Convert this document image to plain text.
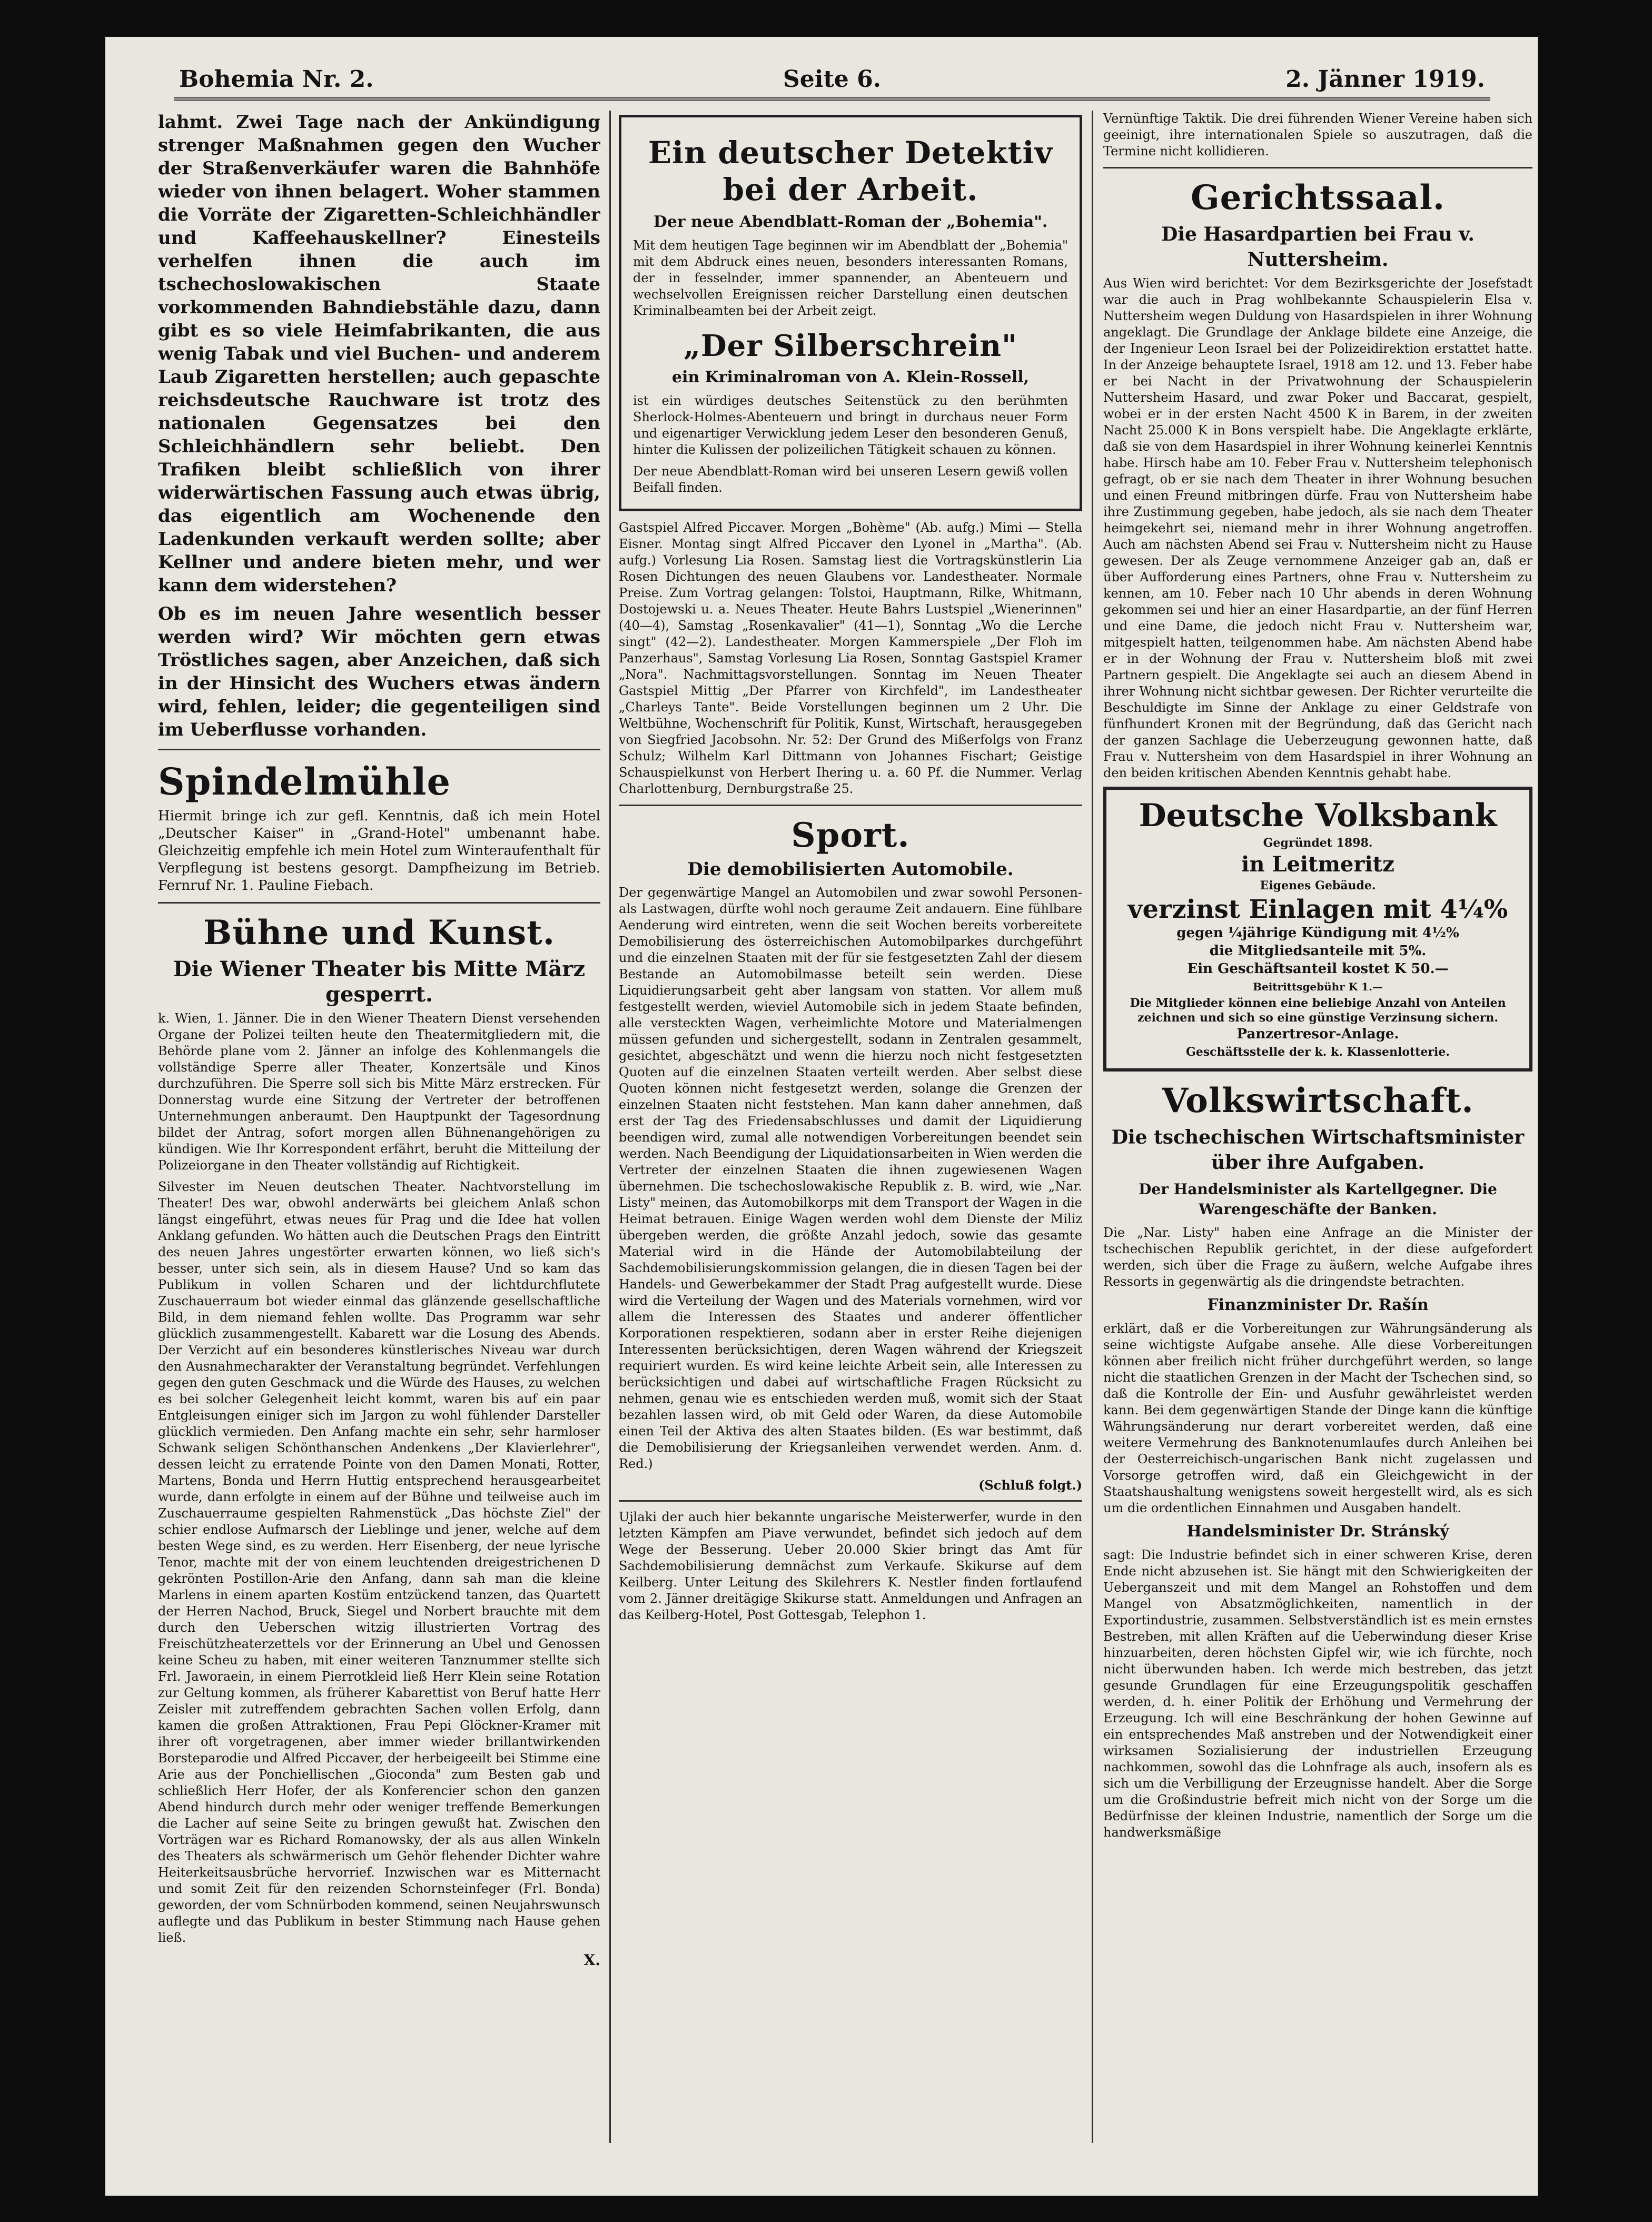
Bohemia Nr. 2.	Seite 6.	2. Jänner 1919.

lahmt. Zwei Tage nach der Ankündigung strenger Maßnahmen gegen den Wucher der Straßenverkäufer waren die Bahnhöfe wieder von ihnen belagert. Woher stammen die Vorräte der Zigaretten-Schleichhändler und Kaffeehauskellner? Einesteils verhelfen ihnen die auch im tschechoslowakischen Staate vorkommenden Bahndiebstähle dazu, dann gibt es so viele Heimfabrikanten, die aus wenig Tabak und viel Buchen- und anderem Laub Zigaretten herstellen; auch gepaschte reichsdeutsche Rauchware ist trotz des nationalen Gegensatzes bei den Schleichhändlern sehr beliebt. Den Trafiken bleibt schließlich von ihrer widerwärtischen Fassung auch etwas übrig, das eigentlich am Wochenende den Ladenkunden verkauft werden sollte; aber Kellner und andere bieten mehr, und wer kann dem widerstehen?

Ob es im neuen Jahre wesentlich besser werden wird? Wir möchten gern etwas Tröstliches sagen, aber Anzeichen, daß sich in der Hinsicht des Wuchers etwas ändern wird, fehlen, leider; die gegenteiligen sind im Ueberflusse vorhanden.

Spindelmühle

Hiermit bringe ich zur gefl. Kenntnis, daß ich mein Hotel „Deutscher Kaiser" in „Grand-Hotel" umbenannt habe. Gleichzeitig empfehle ich mein Hotel zum Winteraufenthalt für Verpflegung ist bestens gesorgt. Dampfheizung im Betrieb. Fernruf Nr. 1. Pauline Fiebach.

Bühne und Kunst.
Die Wiener Theater bis Mitte März gesperrt.

k. Wien, 1. Jänner. Die in den Wiener Theatern Dienst versehenden Organe der Polizei teilten heute den Theatermitgliedern mit, die Behörde plane vom 2. Jänner an infolge des Kohlenmangels die vollständige Sperre aller Theater, Konzertsäle und Kinos durchzuführen. Die Sperre soll sich bis Mitte März erstrecken. Für Donnerstag wurde eine Sitzung der Vertreter der betroffenen Unternehmungen anberaumt. Den Hauptpunkt der Tagesordnung bildet der Antrag, sofort morgen allen Bühnenangehörigen zu kündigen. Wie Ihr Korrespondent erfährt, beruht die Mitteilung der Polizeiorgane in den Theater vollständig auf Richtigkeit.

Silvester im Neuen deutschen Theater. Nachtvorstellung im Theater! Des war, obwohl anderwärts bei gleichem Anlaß schon längst eingeführt, etwas neues für Prag und die Idee hat vollen Anklang gefunden. Wo hätten auch die Deutschen Prags den Eintritt des neuen Jahres ungestörter erwarten können, wo ließ sich's besser, unter sich sein, als in diesem Hause? Und so kam das Publikum in vollen Scharen und der lichtdurchflutete Zuschauerraum bot wieder einmal das glänzende gesellschaftliche Bild, in dem niemand fehlen wollte. Das Programm war sehr glücklich zusammengestellt. Kabarett war die Losung des Abends. Der Verzicht auf ein besonderes künstlerisches Niveau war durch den Ausnahmecharakter der Veranstaltung begründet. Verfehlungen gegen den guten Geschmack und die Würde des Hauses, zu welchen es bei solcher Gelegenheit leicht kommt, waren bis auf ein paar Entgleisungen einiger sich im Jargon zu wohl fühlender Darsteller glücklich vermieden. Den Anfang machte ein sehr, sehr harmloser Schwank seligen Schönthanschen Andenkens „Der Klavierlehrer", dessen leicht zu erratende Pointe von den Damen Monati, Rotter, Martens, Bonda und Herrn Huttig entsprechend herausgearbeitet wurde, dann erfolgte in einem auf der Bühne und teilweise auch im Zuschauerraume gespielten Rahmenstück „Das höchste Ziel" der schier endlose Aufmarsch der Lieblinge und jener, welche auf dem besten Wege sind, es zu werden. Herr Eisenberg, der neue lyrische Tenor, machte mit der von einem leuchtenden dreigestrichenen D gekrönten Postillon-Arie den Anfang, dann sah man die kleine Marlens in einem aparten Kostüm entzückend tanzen, das Quartett der Herren Nachod, Bruck, Siegel und Norbert brauchte mit dem durch den Ueberschen witzig illustrierten Vortrag des Freischützheaterzettels vor der Erinnerung an Ubel und Genossen keine Scheu zu haben, mit einer weiteren Tanznummer stellte sich Frl. Jaworaein, in einem Pierrotkleid ließ Herr Klein seine Rotation zur Geltung kommen, als früherer Kabarettist von Beruf hatte Herr Zeisler mit zutreffendem gebrachten Sachen vollen Erfolg, dann kamen die großen Attraktionen, Frau Pepi Glöckner-Kramer mit ihrer oft vorgetragenen, aber immer wieder brillantwirkenden Borsteparodie und Alfred Piccaver, der herbeigeeilt bei Stimme eine Arie aus der Ponchiellischen „Gioconda" zum Besten gab und schließlich Herr Hofer, der als Konferencier schon den ganzen Abend hindurch durch mehr oder weniger treffende Bemerkungen die Lacher auf seine Seite zu bringen gewußt hat. Zwischen den Vorträgen war es Richard Romanowsky, der als aus allen Winkeln des Theaters als schwärmerisch um Gehör flehender Dichter wahre Heiterkeitsausbrüche hervorrief. Inzwischen war es Mitternacht und somit Zeit für den reizenden Schornsteinfeger (Frl. Bonda) geworden, der vom Schnürboden kommend, seinen Neujahrswunsch auflegte und das Publikum in bester Stimmung nach Hause gehen ließ.

X.
Ein deutscher Detektiv bei der Arbeit.
Der neue Abendblatt-Roman der „Bohemia".

Mit dem heutigen Tage beginnen wir im Abendblatt der „Bohemia" mit dem Abdruck eines neuen, besonders interessanten Romans, der in fesselnder, immer spannender, an Abenteuern und wechselvollen Ereignissen reicher Darstellung einen deutschen Kriminalbeamten bei der Arbeit zeigt.

„Der Silberschrein"
ein Kriminalroman von A. Klein-Rossell,

ist ein würdiges deutsches Seitenstück zu den berühmten Sherlock-Holmes-Abenteuern und bringt in durchaus neuer Form und eigenartiger Verwicklung jedem Leser den besonderen Genuß, hinter die Kulissen der polizeilichen Tätigkeit schauen zu können.

Der neue Abendblatt-Roman wird bei unseren Lesern gewiß vollen Beifall finden.

Gastspiel Alfred Piccaver. Morgen „Bohème" (Ab. aufg.) Mimi — Stella Eisner. Montag singt Alfred Piccaver den Lyonel in „Martha". (Ab. aufg.) Vorlesung Lia Rosen. Samstag liest die Vortragskünstlerin Lia Rosen Dichtungen des neuen Glaubens vor. Landestheater. Normale Preise. Zum Vortrag gelangen: Tolstoi, Hauptmann, Rilke, Whitmann, Dostojewski u. a. Neues Theater. Heute Bahrs Lustspiel „Wienerinnen" (40—4), Samstag „Rosenkavalier" (41—1), Sonntag „Wo die Lerche singt" (42—2). Landestheater. Morgen Kammerspiele „Der Floh im Panzerhaus", Samstag Vorlesung Lia Rosen, Sonntag Gastspiel Kramer „Nora". Nachmittagsvorstellungen. Sonntag im Neuen Theater Gastspiel Mittig „Der Pfarrer von Kirchfeld", im Landestheater „Charleys Tante". Beide Vorstellungen beginnen um 2 Uhr. Die Weltbühne, Wochenschrift für Politik, Kunst, Wirtschaft, herausgegeben von Siegfried Jacobsohn. Nr. 52: Der Grund des Mißerfolgs von Franz Schulz; Wilhelm Karl Dittmann von Johannes Fischart; Geistige Schauspielkunst von Herbert Ihering u. a. 60 Pf. die Nummer. Verlag Charlottenburg, Dernburgstraße 25.

Sport.
Die demobilisierten Automobile.

Der gegenwärtige Mangel an Automobilen und zwar sowohl Personen- als Lastwagen, dürfte wohl noch geraume Zeit andauern. Eine fühlbare Aenderung wird eintreten, wenn die seit Wochen bereits vorbereitete Demobilisierung des österreichischen Automobilparkes durchgeführt und die einzelnen Staaten mit der für sie festgesetzten Zahl der diesem Bestande an Automobilmasse beteilt sein werden. Diese Liquidierungsarbeit geht aber langsam von statten. Vor allem muß festgestellt werden, wieviel Automobile sich in jedem Staate befinden, alle versteckten Wagen, verheimlichte Motore und Materialmengen müssen gefunden und sichergestellt, sodann in Zentralen gesammelt, gesichtet, abgeschätzt und wenn die hierzu noch nicht festgesetzten Quoten auf die einzelnen Staaten verteilt werden. Aber selbst diese Quoten können nicht festgesetzt werden, solange die Grenzen der einzelnen Staaten nicht feststehen. Man kann daher annehmen, daß erst der Tag des Friedensabschlusses und damit der Liquidierung beendigen wird, zumal alle notwendigen Vorbereitungen beendet sein werden. Nach Beendigung der Liquidationsarbeiten in Wien werden die Vertreter der einzelnen Staaten die ihnen zugewiesenen Wagen übernehmen. Die tschechoslowakische Republik z. B. wird, wie „Nar. Listy" meinen, das Automobilkorps mit dem Transport der Wagen in die Heimat betrauen. Einige Wagen werden wohl dem Dienste der Miliz übergeben werden, die größte Anzahl jedoch, sowie das gesamte Material wird in die Hände der Automobilabteilung der Sachdemobilisierungskommission gelangen, die in diesen Tagen bei der Handels- und Gewerbekammer der Stadt Prag aufgestellt wurde. Diese wird die Verteilung der Wagen und des Materials vornehmen, wird vor allem die Interessen des Staates und anderer öffentlicher Korporationen respektieren, sodann aber in erster Reihe diejenigen Interessenten berücksichtigen, deren Wagen während der Kriegszeit requiriert wurden. Es wird keine leichte Arbeit sein, alle Interessen zu berücksichtigen und dabei auf wirtschaftliche Fragen Rücksicht zu nehmen, genau wie es entschieden werden muß, womit sich der Staat bezahlen lassen wird, ob mit Geld oder Waren, da diese Automobile einen Teil der Aktiva des alten Staates bilden. (Es war bestimmt, daß die Demobilisierung der Kriegsanleihen verwendet werden. Anm. d. Red.)

(Schluß folgt.)

Ujlaki der auch hier bekannte ungarische Meisterwerfer, wurde in den letzten Kämpfen am Piave verwundet, befindet sich jedoch auf dem Wege der Besserung. Ueber 20.000 Skier bringt das Amt für Sachdemobilisierung demnächst zum Verkaufe. Skikurse auf dem Keilberg. Unter Leitung des Skilehrers K. Nestler finden fortlaufend vom 2. Jänner dreitägige Skikurse statt. Anmeldungen und Anfragen an das Keilberg-Hotel, Post Gottesgab, Telephon 1.

Vernünftige Taktik. Die drei führenden Wiener Vereine haben sich geeinigt, ihre internationalen Spiele so auszutragen, daß die Termine nicht kollidieren.

Gerichtssaal.
Die Hasardpartien bei Frau v. Nuttersheim.

Aus Wien wird berichtet: Vor dem Bezirksgerichte der Josefstadt war die auch in Prag wohlbekannte Schauspielerin Elsa v. Nuttersheim wegen Duldung von Hasardspielen in ihrer Wohnung angeklagt. Die Grundlage der Anklage bildete eine Anzeige, die der Ingenieur Leon Israel bei der Polizeidirektion erstattet hatte. In der Anzeige behauptete Israel, 1918 am 12. und 13. Feber habe er bei Nacht in der Privatwohnung der Schauspielerin Nuttersheim Hasard, und zwar Poker und Baccarat, gespielt, wobei er in der ersten Nacht 4500 K in Barem, in der zweiten Nacht 25.000 K in Bons verspielt habe. Die Angeklagte erklärte, daß sie von dem Hasardspiel in ihrer Wohnung keinerlei Kenntnis habe. Hirsch habe am 10. Feber Frau v. Nuttersheim telephonisch gefragt, ob er sie nach dem Theater in ihrer Wohnung besuchen und einen Freund mitbringen dürfe. Frau von Nuttersheim habe ihre Zustimmung gegeben, habe jedoch, als sie nach dem Theater heimgekehrt sei, niemand mehr in ihrer Wohnung angetroffen. Auch am nächsten Abend sei Frau v. Nuttersheim nicht zu Hause gewesen. Der als Zeuge vernommene Anzeiger gab an, daß er über Aufforderung eines Partners, ohne Frau v. Nuttersheim zu kennen, am 10. Feber nach 10 Uhr abends in deren Wohnung gekommen sei und hier an einer Hasardpartie, an der fünf Herren und eine Dame, die jedoch nicht Frau v. Nuttersheim war, mitgespielt hatten, teilgenommen habe. Am nächsten Abend habe er in der Wohnung der Frau v. Nuttersheim bloß mit zwei Partnern gespielt. Die Angeklagte sei auch an diesem Abend in ihrer Wohnung nicht sichtbar gewesen. Der Richter verurteilte die Beschuldigte im Sinne der Anklage zu einer Geldstrafe von fünfhundert Kronen mit der Begründung, daß das Gericht nach der ganzen Sachlage die Ueberzeugung gewonnen hatte, daß Frau v. Nuttersheim von dem Hasardspiel in ihrer Wohnung an den beiden kritischen Abenden Kenntnis gehabt habe.

Deutsche Volksbank
Gegründet 1898.
in Leitmeritz
Eigenes Gebäude.
verzinst Einlagen mit 4¼%
gegen ¼jährige Kündigung mit 4½%
die Mitgliedsanteile mit 5%.
Ein Geschäftsanteil kostet K 50.—
Beitrittsgebühr K 1.—
Die Mitglieder können eine beliebige Anzahl von Anteilen zeichnen und sich so eine günstige Verzinsung sichern.
Panzertresor-Anlage.
Geschäftsstelle der k. k. Klassenlotterie.
Volkswirtschaft.
Die tschechischen Wirtschaftsminister über ihre Aufgaben.
Der Handelsminister als Kartellgegner. Die Warengeschäfte der Banken.

Die „Nar. Listy" haben eine Anfrage an die Minister der tschechischen Republik gerichtet, in der diese aufgefordert werden, sich über die Frage zu äußern, welche Aufgabe ihres Ressorts in gegenwärtig als die dringendste betrachten.

Finanzminister Dr. Rašín

erklärt, daß er die Vorbereitungen zur Währungsänderung als seine wichtigste Aufgabe ansehe. Alle diese Vorbereitungen können aber freilich nicht früher durchgeführt werden, so lange nicht die staatlichen Grenzen in der Macht der Tschechen sind, so daß die Kontrolle der Ein- und Ausfuhr gewährleistet werden kann. Bei dem gegenwärtigen Stande der Dinge kann die künftige Währungsänderung nur derart vorbereitet werden, daß eine weitere Vermehrung des Banknotenumlaufes durch Anleihen bei der Oesterreichisch-ungarischen Bank nicht zugelassen und Vorsorge getroffen wird, daß ein Gleichgewicht in der Staatshaushaltung wenigstens soweit hergestellt wird, als es sich um die ordentlichen Einnahmen und Ausgaben handelt.

Handelsminister Dr. Stránský

sagt: Die Industrie befindet sich in einer schweren Krise, deren Ende nicht abzusehen ist. Sie hängt mit den Schwierigkeiten der Ueberganszeit und mit dem Mangel an Rohstoffen und dem Mangel von Absatzmöglichkeiten, namentlich in der Exportindustrie, zusammen. Selbstverständlich ist es mein ernstes Bestreben, mit allen Kräften auf die Ueberwindung dieser Krise hinzuarbeiten, deren höchsten Gipfel wir, wie ich fürchte, noch nicht überwunden haben. Ich werde mich bestreben, das jetzt gesunde Grundlagen für eine Erzeugungspolitik geschaffen werden, d. h. einer Politik der Erhöhung und Vermehrung der Erzeugung. Ich will eine Beschränkung der hohen Gewinne auf ein entsprechendes Maß anstreben und der Notwendigkeit einer wirksamen Sozialisierung der industriellen Erzeugung nachkommen, sowohl das die Lohnfrage als auch, insofern als es sich um die Verbilligung der Erzeugnisse handelt. Aber die Sorge um die Großindustrie befreit mich nicht von der Sorge um die Bedürfnisse der kleinen Industrie, namentlich der Sorge um die handwerksmäßige
